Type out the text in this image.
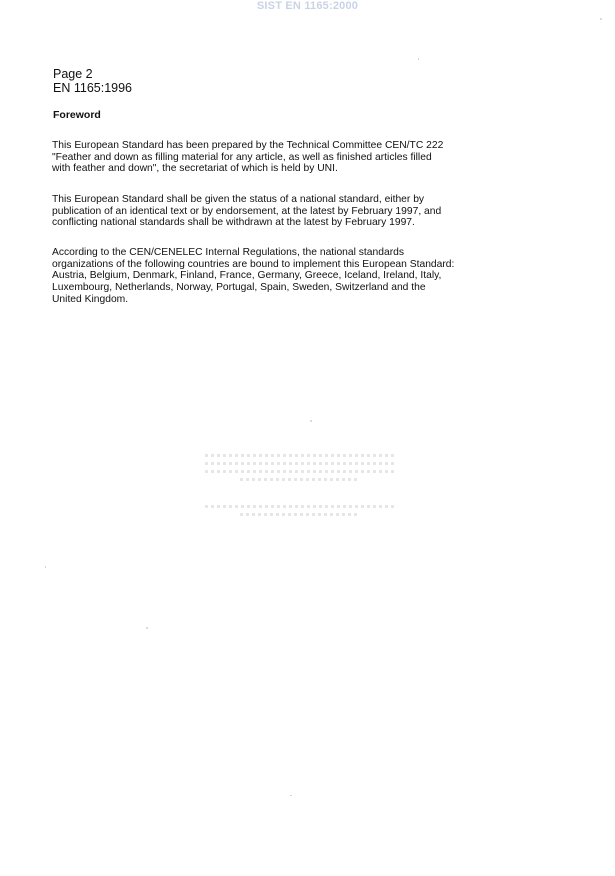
SIST EN 1165:2000
Page 2
EN 1165:1996
Foreword
This European Standard has been prepared by the Technical Committee CEN/TC 222
"Feather and down as filling material for any article, as well as finished articles filled
with feather and down", the secretariat of which is held by UNI.
This European Standard shall be given the status of a national standard, either by
publication of an identical text or by endorsement, at the latest by February 1997, and
conflicting national standards shall be withdrawn at the latest by February 1997.
According to the CEN/CENELEC Internal Regulations, the national standards
organizations of the following countries are bound to implement this European Standard:
Austria, Belgium, Denmark, Finland, France, Germany, Greece, Iceland, Ireland, Italy,
Luxembourg, Netherlands, Norway, Portugal, Spain, Sweden, Switzerland and the
United Kingdom.
